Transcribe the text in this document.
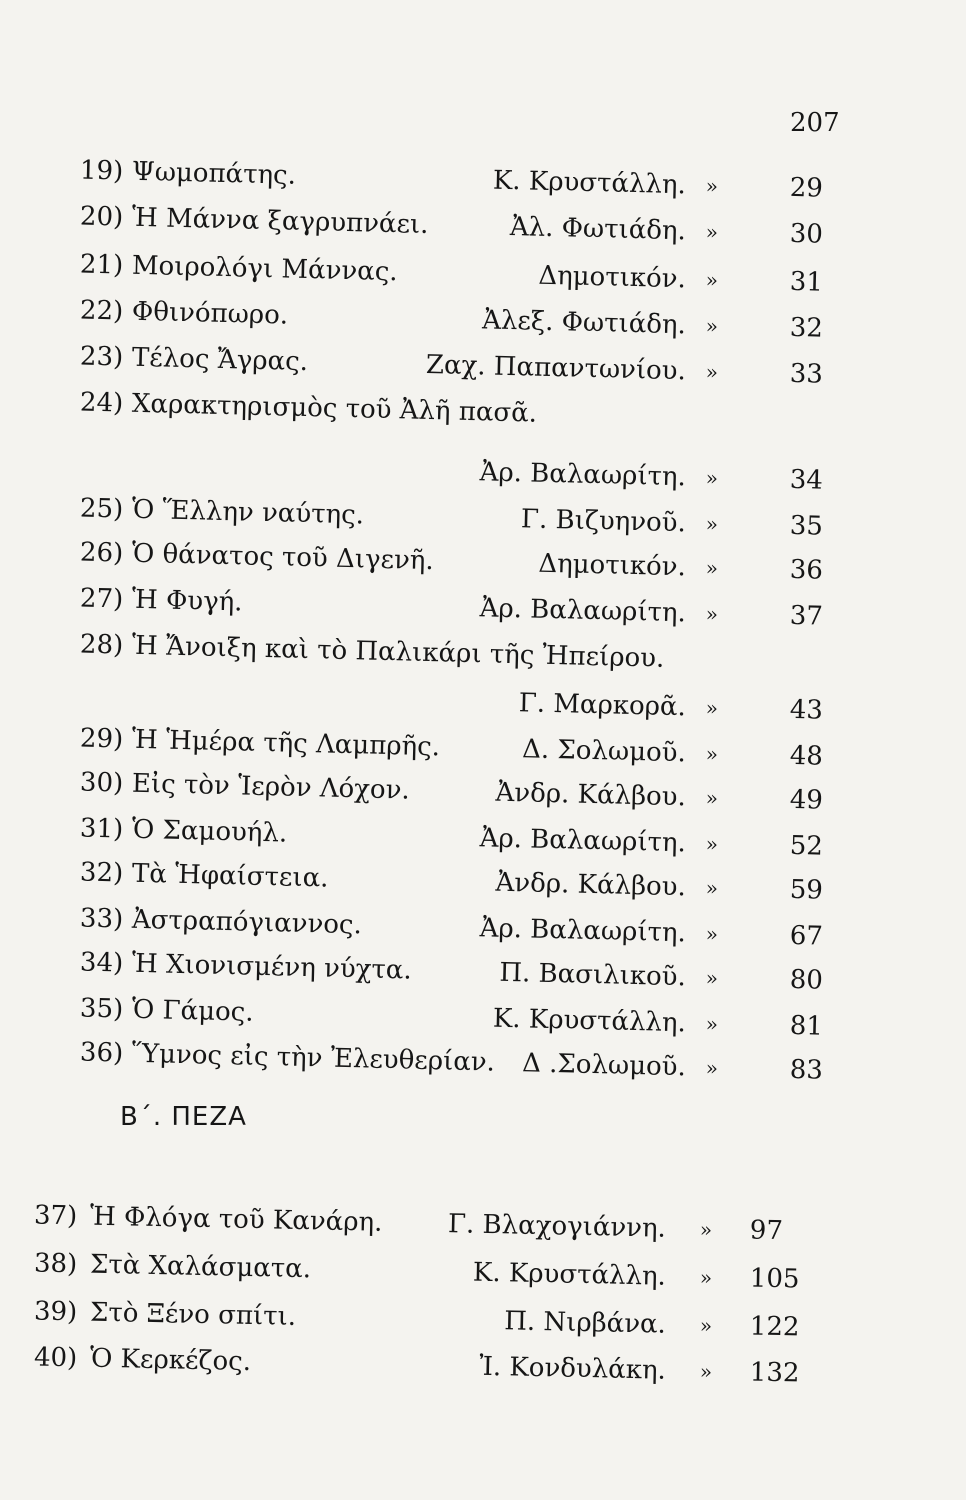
207
19) Ψωμοπάτης.	Κ. Κρυστάλλη. »	29
20) Ἡ Μάννα ξαγρυπνάει.	Ἀλ. Φωτιάδη. »	30
21) Μοιρολόγι Μάννας.	Δημοτικόν. »	31
22) Φθινόπωρο.	Ἀλεξ. Φωτιάδη. »	32
23) Τέλος Ἄγρας.	Ζαχ. Παπαντωνίου. »	33
24) Χαρακτηρισμὸς τοῦ Ἀλῆ πασᾶ.
Ἀρ. Βαλαωρίτη. »	34
25) Ὁ Ἕλλην ναύτης.	Γ. Βιζυηνοῦ. »	35
26) Ὁ θάνατος τοῦ Διγενῆ.	Δημοτικόν. »	36
27) Ἡ Φυγή.	Ἀρ. Βαλαωρίτη. »	37
28) Ἡ Ἄνοιξη καὶ τὸ Παλικάρι τῆς Ἠπείρου.
Γ. Μαρκορᾶ. »	43
29) Ἡ Ἡμέρα τῆς Λαμπρῆς.	Δ. Σολωμοῦ. »	48
30) Εἰς τὸν Ἱερὸν Λόχον.	Ἀνδρ. Κάλβου. »	49
31) Ὁ Σαμουήλ.	Ἀρ. Βαλαωρίτη. »	52
32) Τὰ Ἡφαίστεια.	Ἀνδρ. Κάλβου. »	59
33) Ἀστραπόγιαννος.	Ἀρ. Βαλαωρίτη. »	67
34) Ἡ Χιονισμένη νύχτα.	Π. Βασιλικοῦ. »	80
35) Ὁ Γάμος.	Κ. Κρυστάλλη. »	81
36) Ὕμνος εἰς τὴν Ἐλευθερίαν. Δ .Σολωμοῦ. »	83
Β΄. ΠΕΖΑ
37) Ἡ Φλόγα τοῦ Κανάρη.	Γ. Βλαχογιάννη. » 97
38) Στὰ Χαλάσματα.	Κ. Κρυστάλλη. » 105
39) Στὸ Ξένο σπίτι.	Π. Νιρβάνα. » 122
40) Ὁ Κερκέζος.	Ἰ. Κονδυλάκη. » 132
